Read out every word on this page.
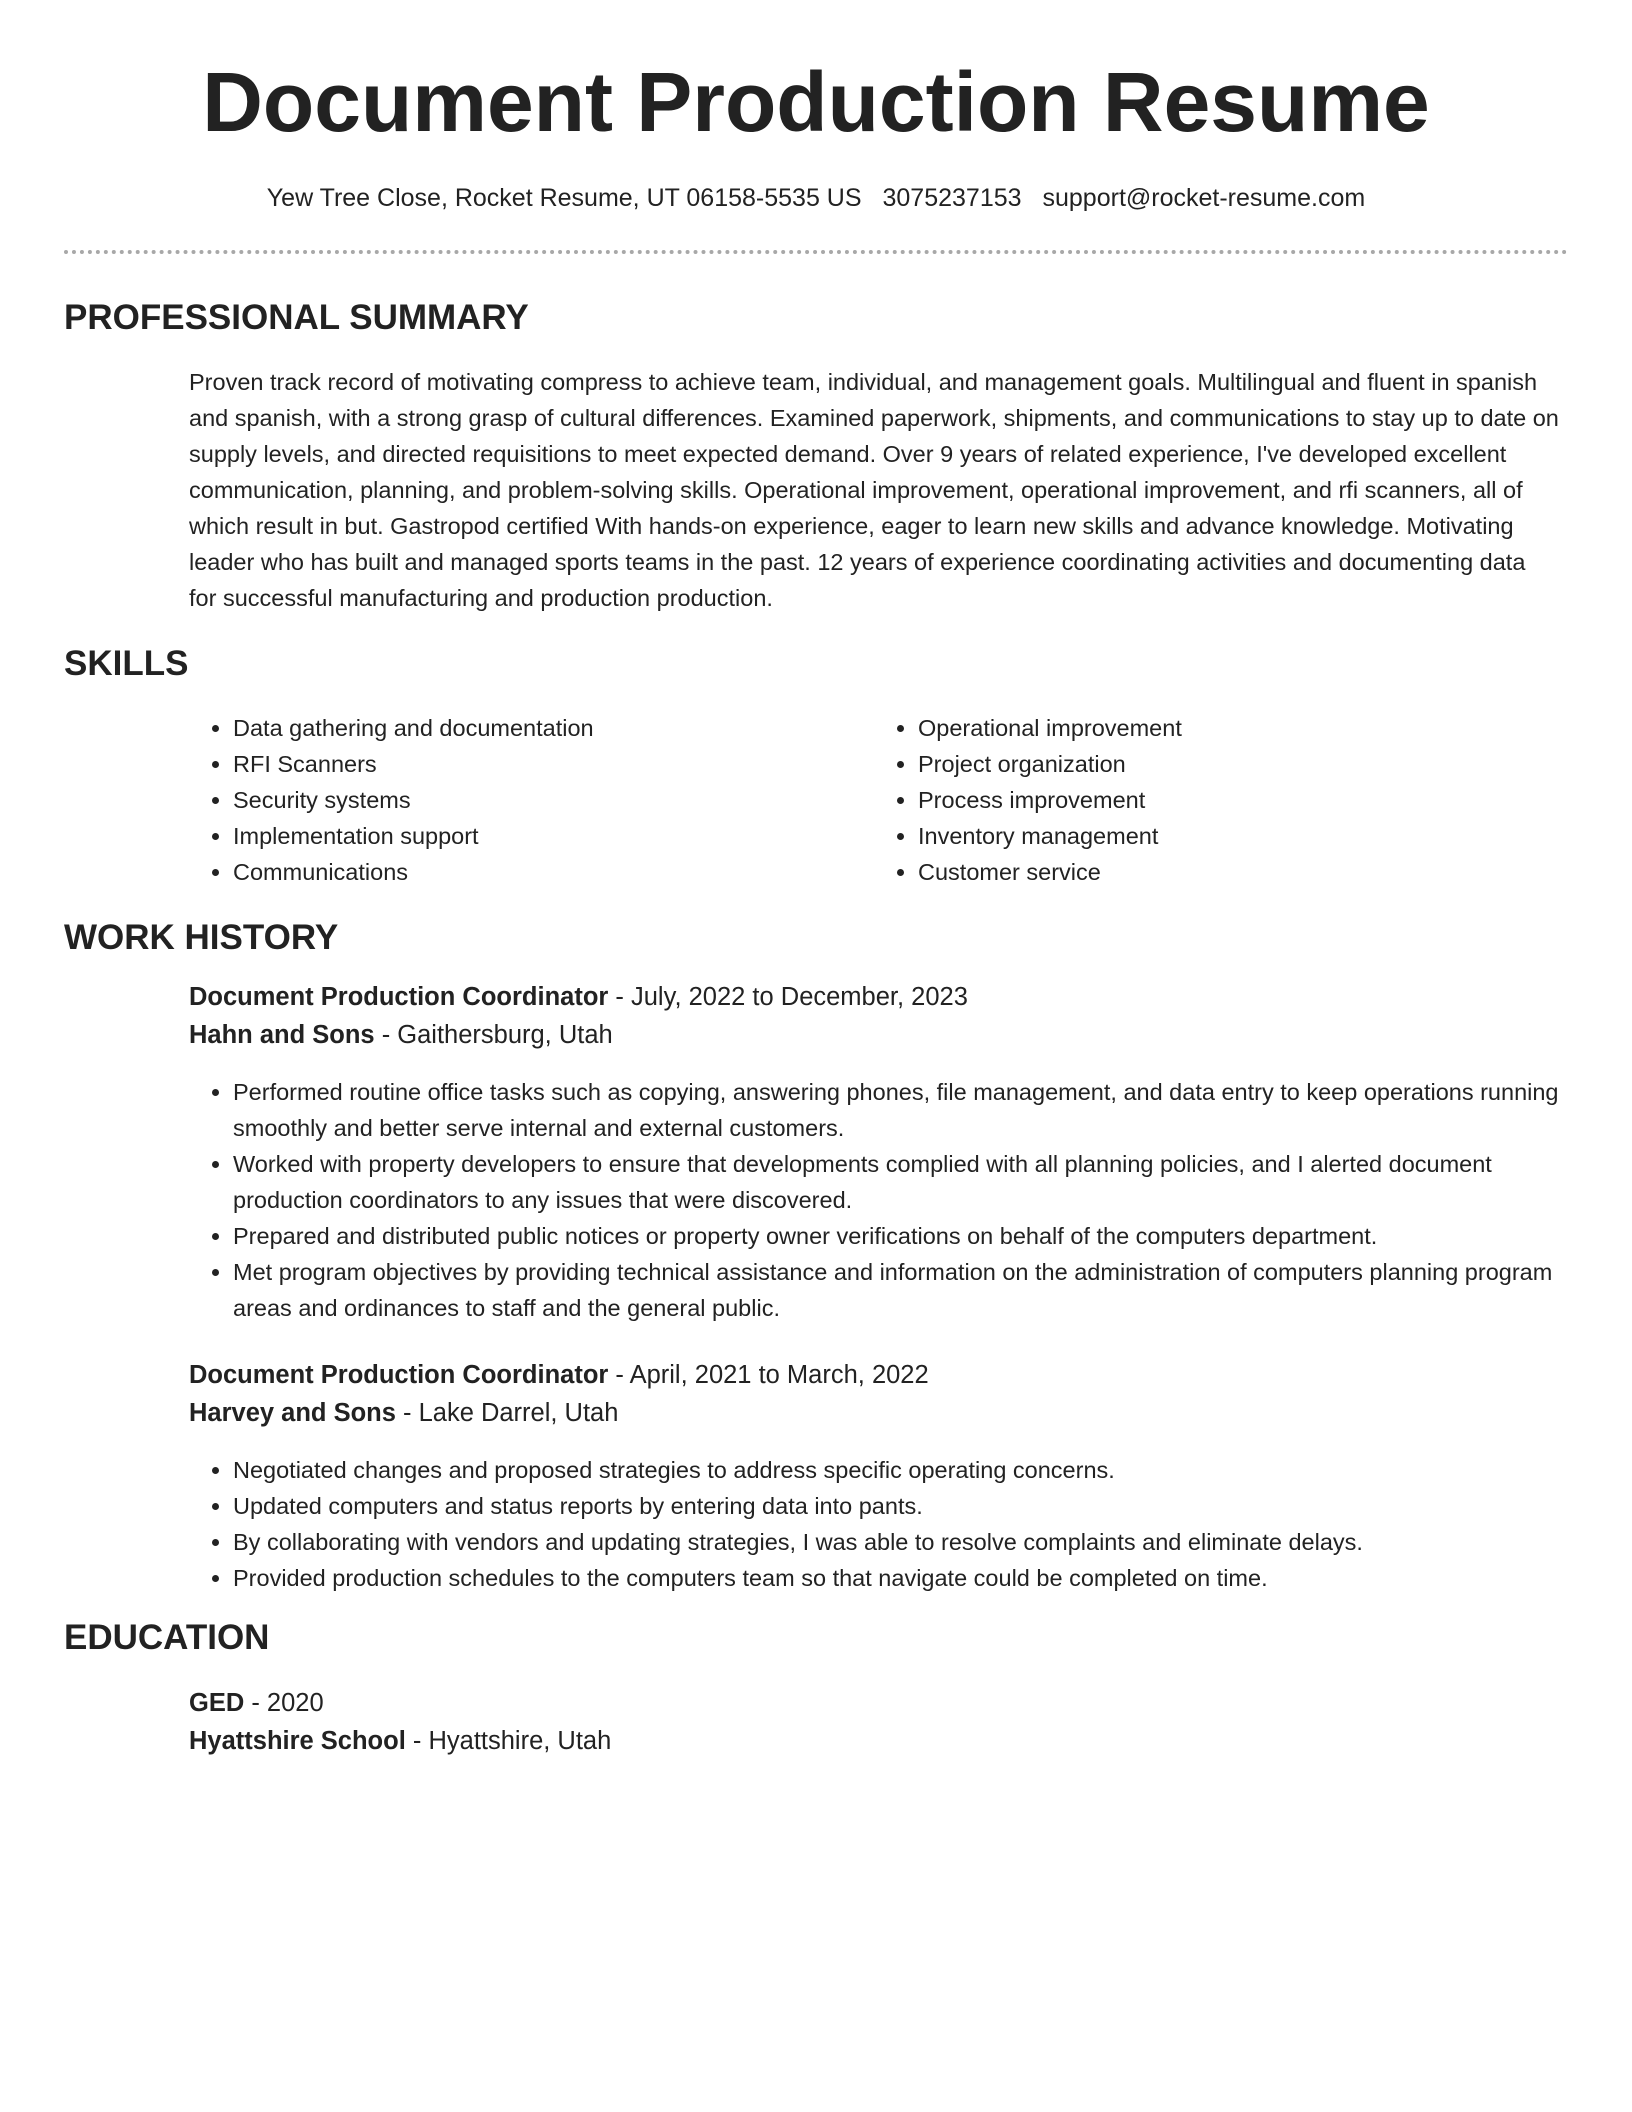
Document Production Resume
Yew Tree Close, Rocket Resume, UT 06158-5535 US 3075237153 support@rocket-resume.com
PROFESSIONAL SUMMARY

Proven track record of motivating compress to achieve team, individual, and management goals. Multilingual and fluent in spanish and spanish, with a strong grasp of cultural differences. Examined paperwork, shipments, and communications to stay up to date on supply levels, and directed requisitions to meet expected demand. Over 9 years of related experience, I've developed excellent communication, planning, and problem-solving skills. Operational improvement, operational improvement, and rfi scanners, all of which result in but. Gastropod certified With hands-on experience, eager to learn new skills and advance knowledge. Motivating leader who has built and managed sports teams in the past. 12 years of experience coordinating activities and documenting data for successful manufacturing and production production.

SKILLS
• Data gathering and documentation
• RFI Scanners
• Security systems
• Implementation support
• Communications
• Operational improvement
• Project organization
• Process improvement
• Inventory management
• Customer service
WORK HISTORY
Document Production Coordinator - July, 2022 to December, 2023
Hahn and Sons - Gaithersburg, Utah
• Performed routine office tasks such as copying, answering phones, file management, and data entry to keep operations running smoothly and better serve internal and external customers.
• Worked with property developers to ensure that developments complied with all planning policies, and I alerted document production coordinators to any issues that were discovered.
• Prepared and distributed public notices or property owner verifications on behalf of the computers department.
• Met program objectives by providing technical assistance and information on the administration of computers planning program areas and ordinances to staff and the general public.
Document Production Coordinator - April, 2021 to March, 2022
Harvey and Sons - Lake Darrel, Utah
• Negotiated changes and proposed strategies to address specific operating concerns.
• Updated computers and status reports by entering data into pants.
• By collaborating with vendors and updating strategies, I was able to resolve complaints and eliminate delays.
• Provided production schedules to the computers team so that navigate could be completed on time.
EDUCATION
GED - 2020
Hyattshire School - Hyattshire, Utah
